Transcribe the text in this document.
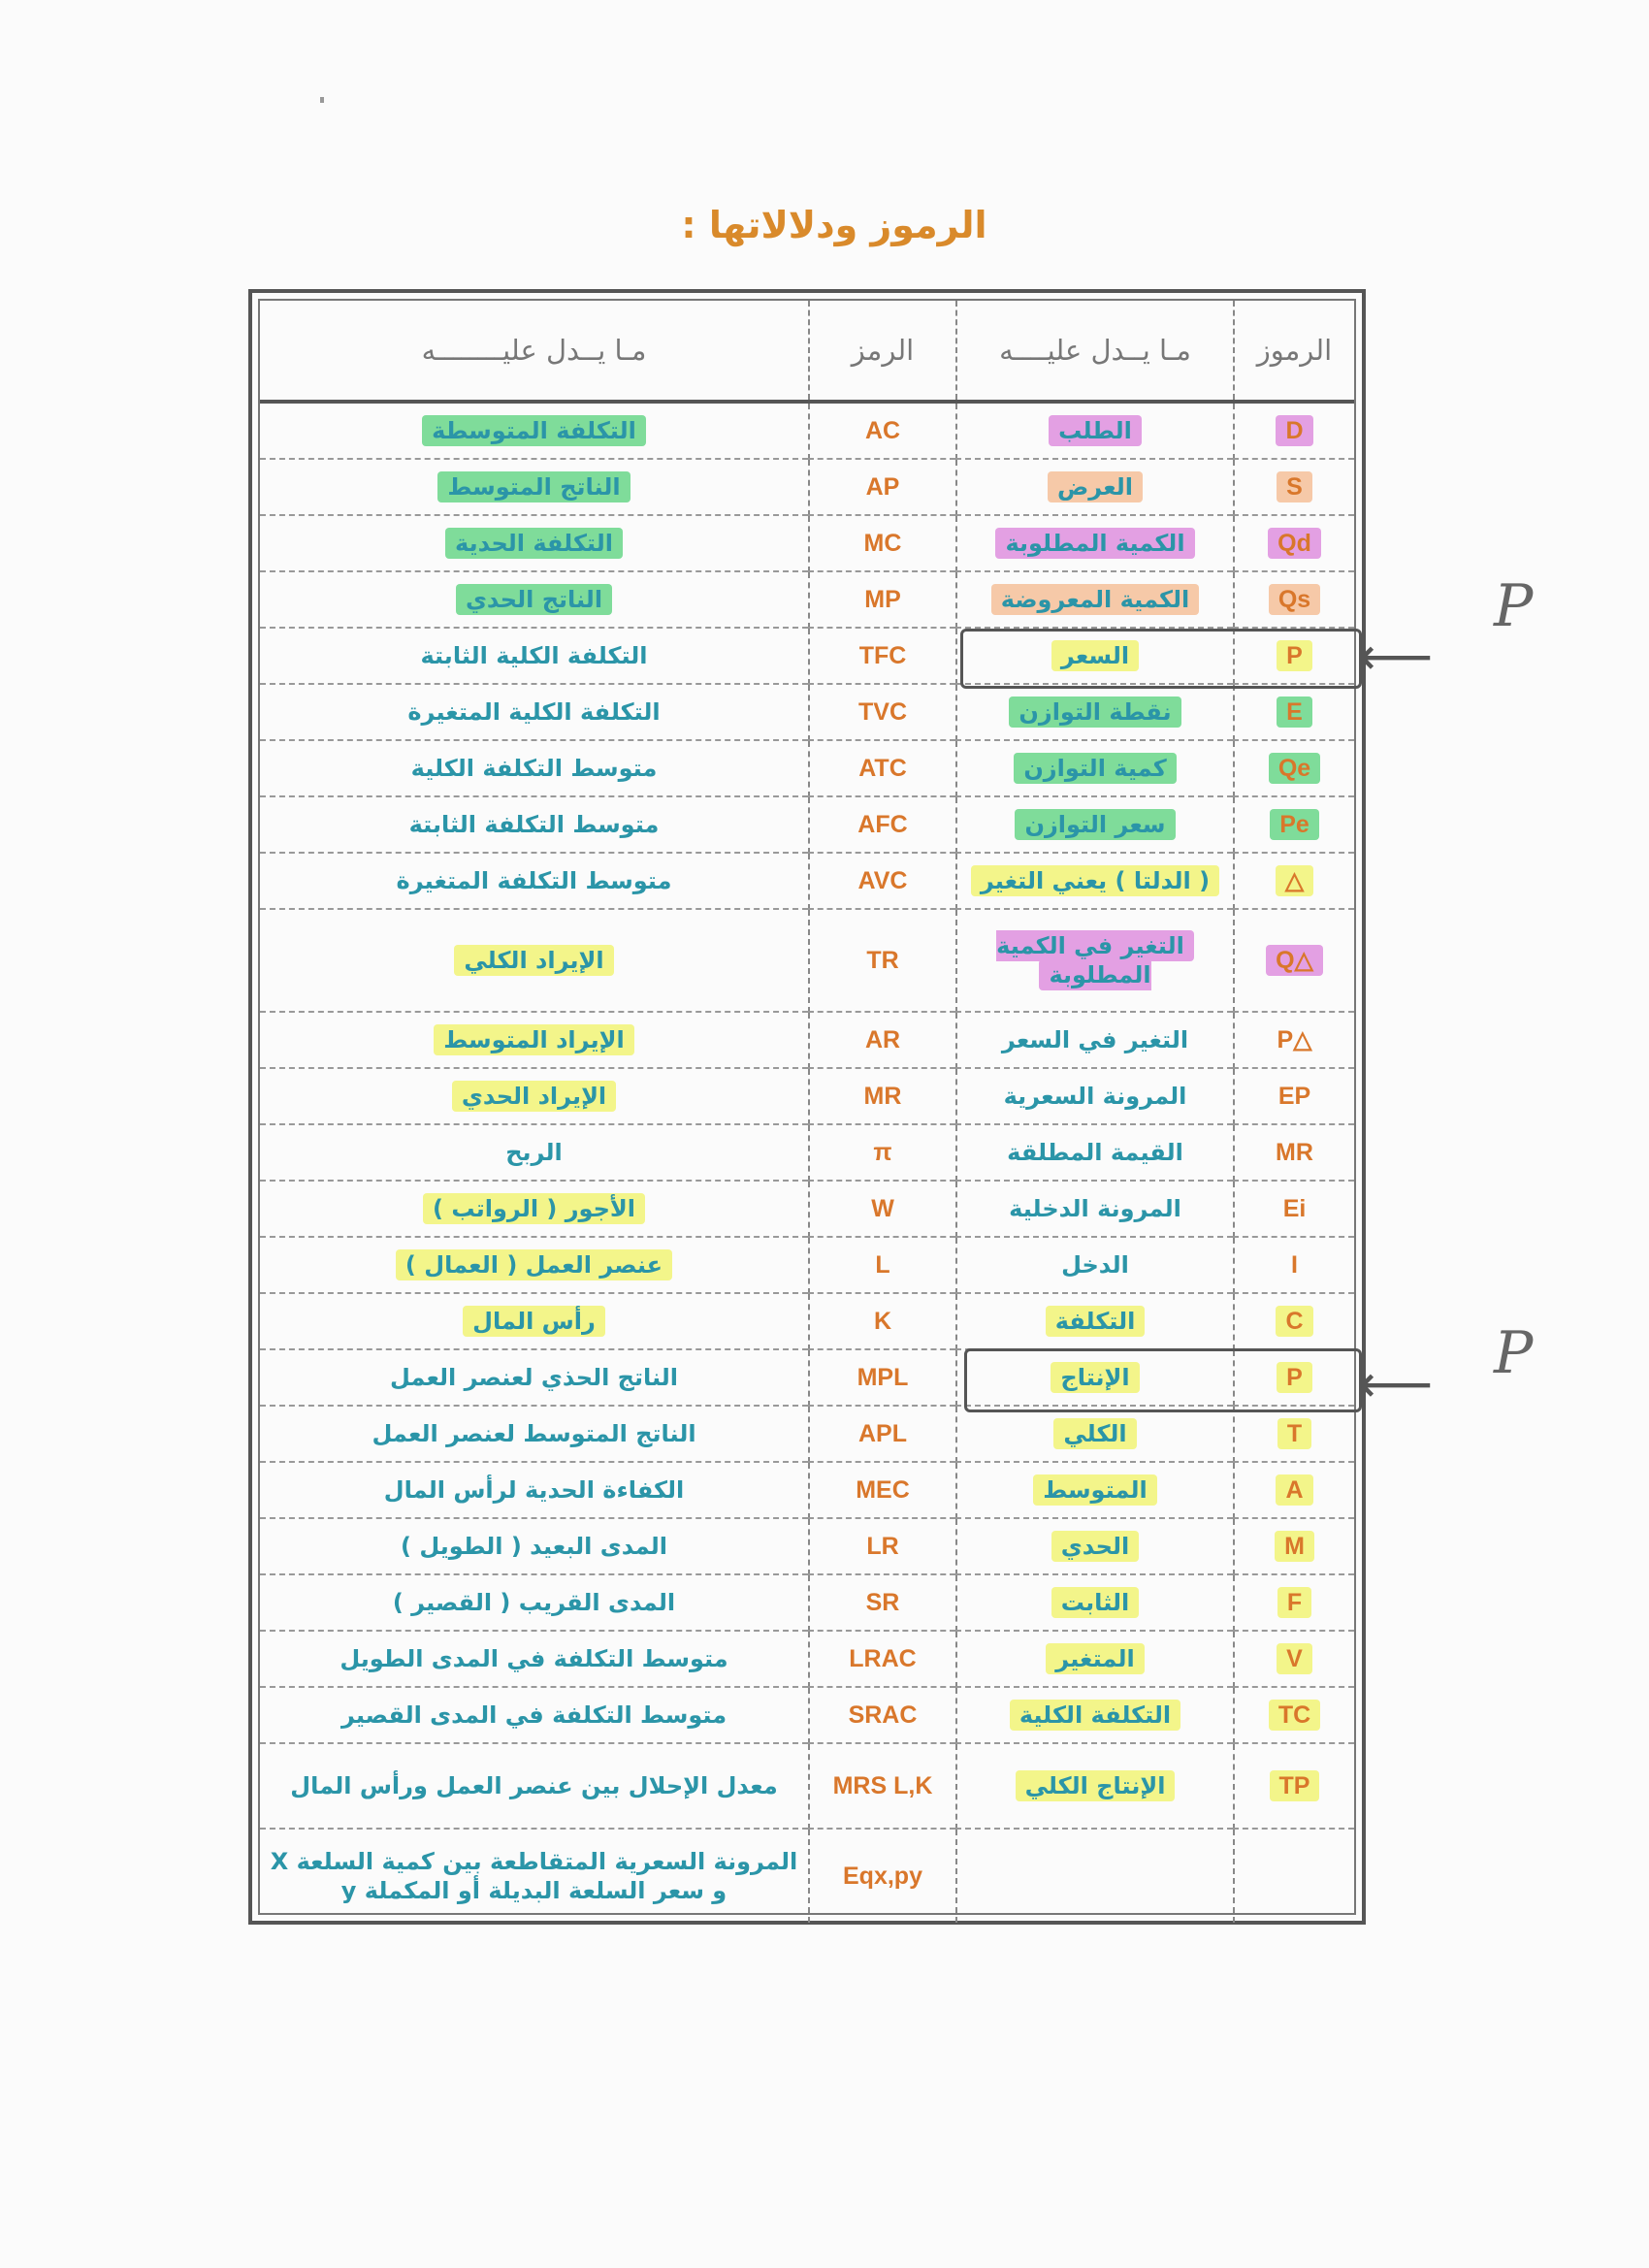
الرموز ودلالاتها :
الرموز	مـا يــدل عليــــه	الرمز	مـا يــدل عليــــــــه
D	الطلب	AC	التكلفة المتوسطة
S	العرض	AP	الناتج المتوسط
Qd	الكمية المطلوبة	MC	التكلفة الحدية
Qs	الكمية المعروضة	MP	الناتج الحدي
P	السعر	TFC	التكلفة الكلية الثابتة
E	نقطة التوازن	TVC	التكلفة الكلية المتغيرة
Qe	كمية التوازن	ATC	متوسط التكلفة الكلية
Pe	سعر التوازن	AFC	متوسط التكلفة الثابتة
△	( الدلتا ) يعني التغير	AVC	متوسط التكلفة المتغيرة
△Q	التغير في الكمية المطلوبة	TR	الإيراد الكلي
△P	التغير في السعر	AR	الإيراد المتوسط
EP	المرونة السعرية	MR	الإيراد الحدي
MR	القيمة المطلقة	π	الربح
Ei	المرونة الدخلية	W	الأجور ( الرواتب )
I	الدخل	L	عنصر العمل ( العمال )
C	التكلفة	K	رأس المال
P	الإنتاج	MPL	الناتج الحذي لعنصر العمل
T	الكلي	APL	الناتج المتوسط لعنصر العمل
A	المتوسط	MEC	الكفاءة الحدية لرأس المال
M	الحدي	LR	المدى البعيد ( الطويل )
F	الثابت	SR	المدى القريب ( القصير )
V	المتغير	LRAC	متوسط التكلفة في المدى الطويل
TC	التكلفة الكلية	SRAC	متوسط التكلفة في المدى القصير
TP	الإنتاج الكلي	MRS L,K	معدل الإحلال بين عنصر العمل ورأس المال
		Eqx,py	المرونة السعرية المتقاطعة بين كمية السلعة X و سعر السلعة البديلة أو المكملة y
⟵
⟵
P
P
